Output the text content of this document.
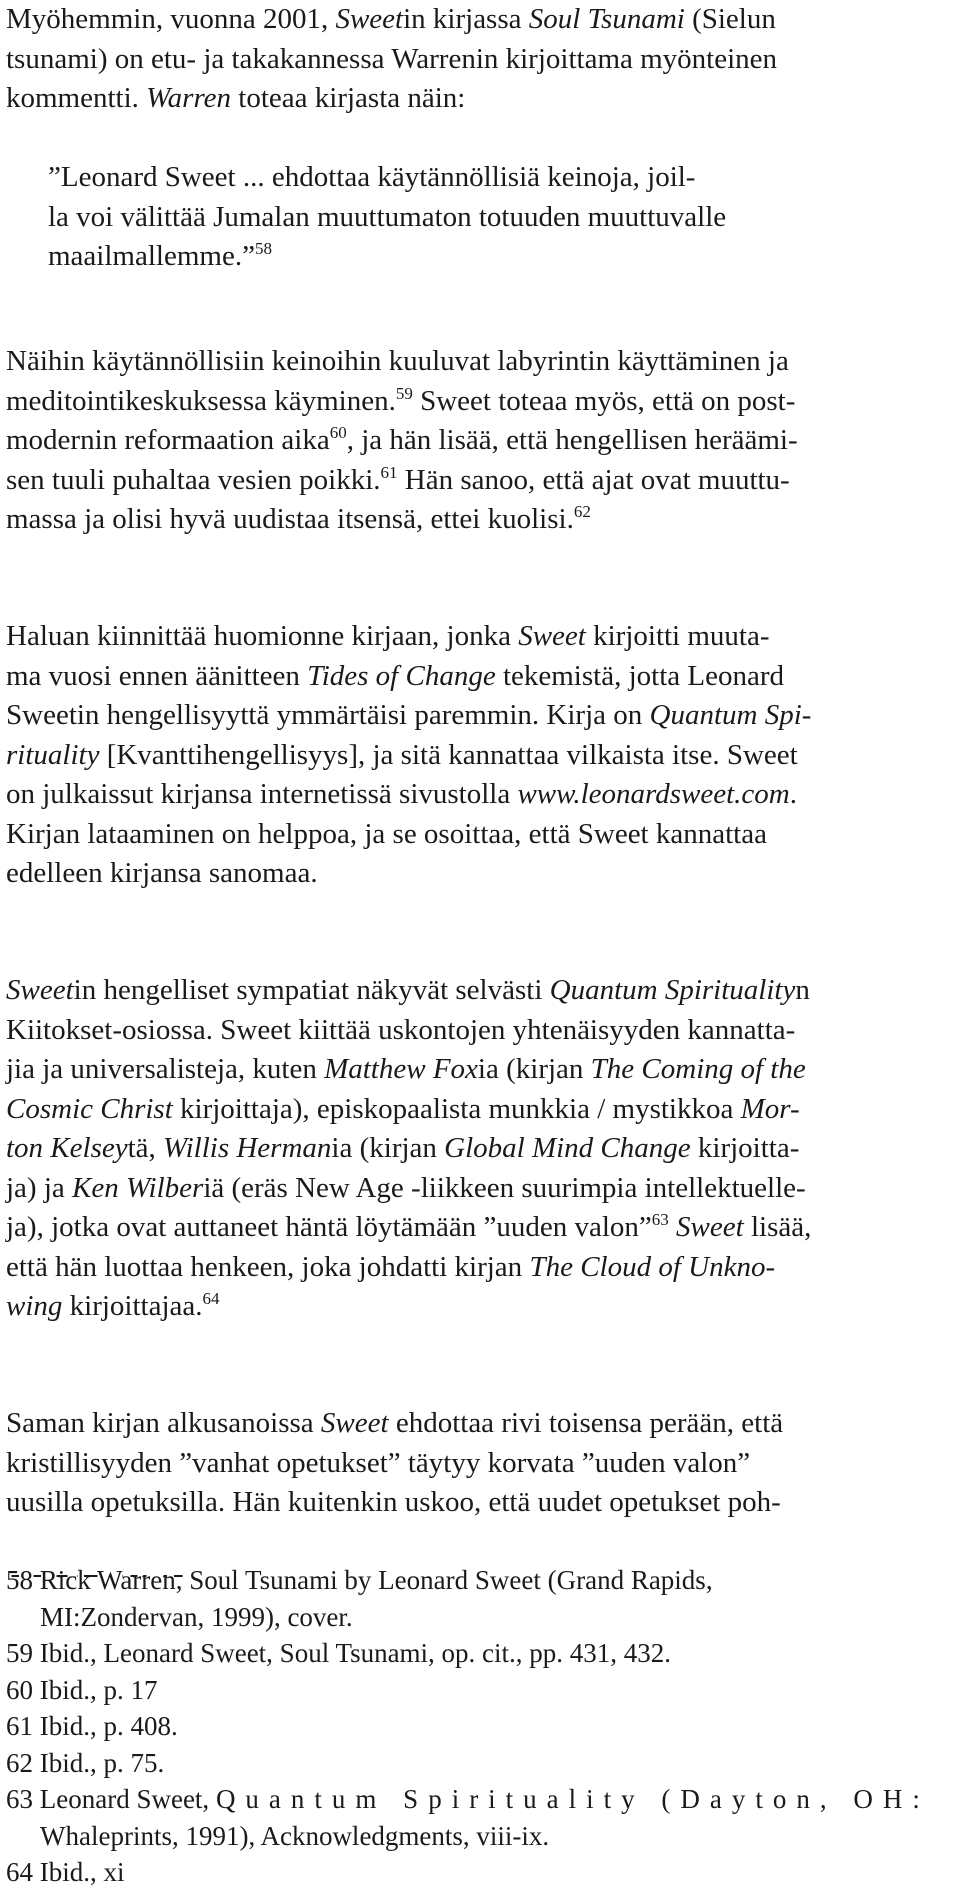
Myöhemmin, vuonna 2001, Sweetin kirjassa Soul Tsunami (Sielun
tsunami) on etu- ja takakannessa Warrenin kirjoittama myönteinen
kommentti. Warren toteaa kirjasta näin:
”Leonard Sweet ... ehdottaa käytännöllisiä keinoja, joil-
la voi välittää Jumalan muuttumaton totuuden muuttuvalle
maailmallemme.”$^{58}$
Näihin käytännöllisiin keinoihin kuuluvat labyrintin käyttäminen ja
meditointikeskuksessa käyminen.$^{59}$ Sweet toteaa myös, että on post-
modernin reformaation aika$^{60}$, ja hän lisää, että hengellisen heräämi-
sen tuuli puhaltaa vesien poikki.$^{61}$ Hän sanoo, että ajat ovat muuttu-
massa ja olisi hyvä uudistaa itsensä, ettei kuolisi.$^{62}$
Haluan kiinnittää huomionne kirjaan, jonka Sweet kirjoitti muuta-
ma vuosi ennen äänitteen Tides of Change tekemistä, jotta Leonard
Sweetin hengellisyyttä ymmärtäisi paremmin. Kirja on Quantum Spi-
rituality [Kvanttihengellisyys], ja sitä kannattaa vilkaista itse. Sweet
on julkaissut kirjansa internetissä sivustolla www.leonardsweet.com.
Kirjan lataaminen on helppoa, ja se osoittaa, että Sweet kannattaa
edelleen kirjansa sanomaa.
Sweetin hengelliset sympatiat näkyvät selvästi Quantum Spiritualityn
Kiitokset-osiossa. Sweet kiittää uskontojen yhtenäisyyden kannatta-
jia ja universalisteja, kuten Matthew Foxia (kirjan The Coming of the
Cosmic Christ kirjoittaja), episkopaalista munkkia / mystikkoa Mor-
ton Kelseytä, Willis Hermania (kirjan Global Mind Change kirjoitta-
ja) ja Ken Wilberiä (eräs New Age -liikkeen suurimpia intellektuelle-
ja), jotka ovat auttaneet häntä löytämään ”uuden valon”$^{63}$ Sweet lisää,
että hän luottaa henkeen, joka johdatti kirjan The Cloud of Unkno-
wing kirjoittajaa.$^{64}$
Saman kirjan alkusanoissa Sweet ehdottaa rivi toisensa perään, että
kristillisyyden ”vanhat opetukset” täytyy korvata ”uuden valon”
uusilla opetuksilla. Hän kuitenkin uskoo, että uudet opetukset poh-
58 Rick Warren, Soul Tsunami by Leonard Sweet (Grand Rapids,
MI:Zondervan, 1999), cover.
59 Ibid., Leonard Sweet, Soul Tsunami, op. cit., pp. 431, 432.
60 Ibid., p. 17
61 Ibid., p. 408.
62 Ibid., p. 75.
63 Leonard Sweet, Quantum Spirituality (Dayton, OH:
Whaleprints, 1991), Acknowledgments, viii-ix.
64 Ibid., xi
